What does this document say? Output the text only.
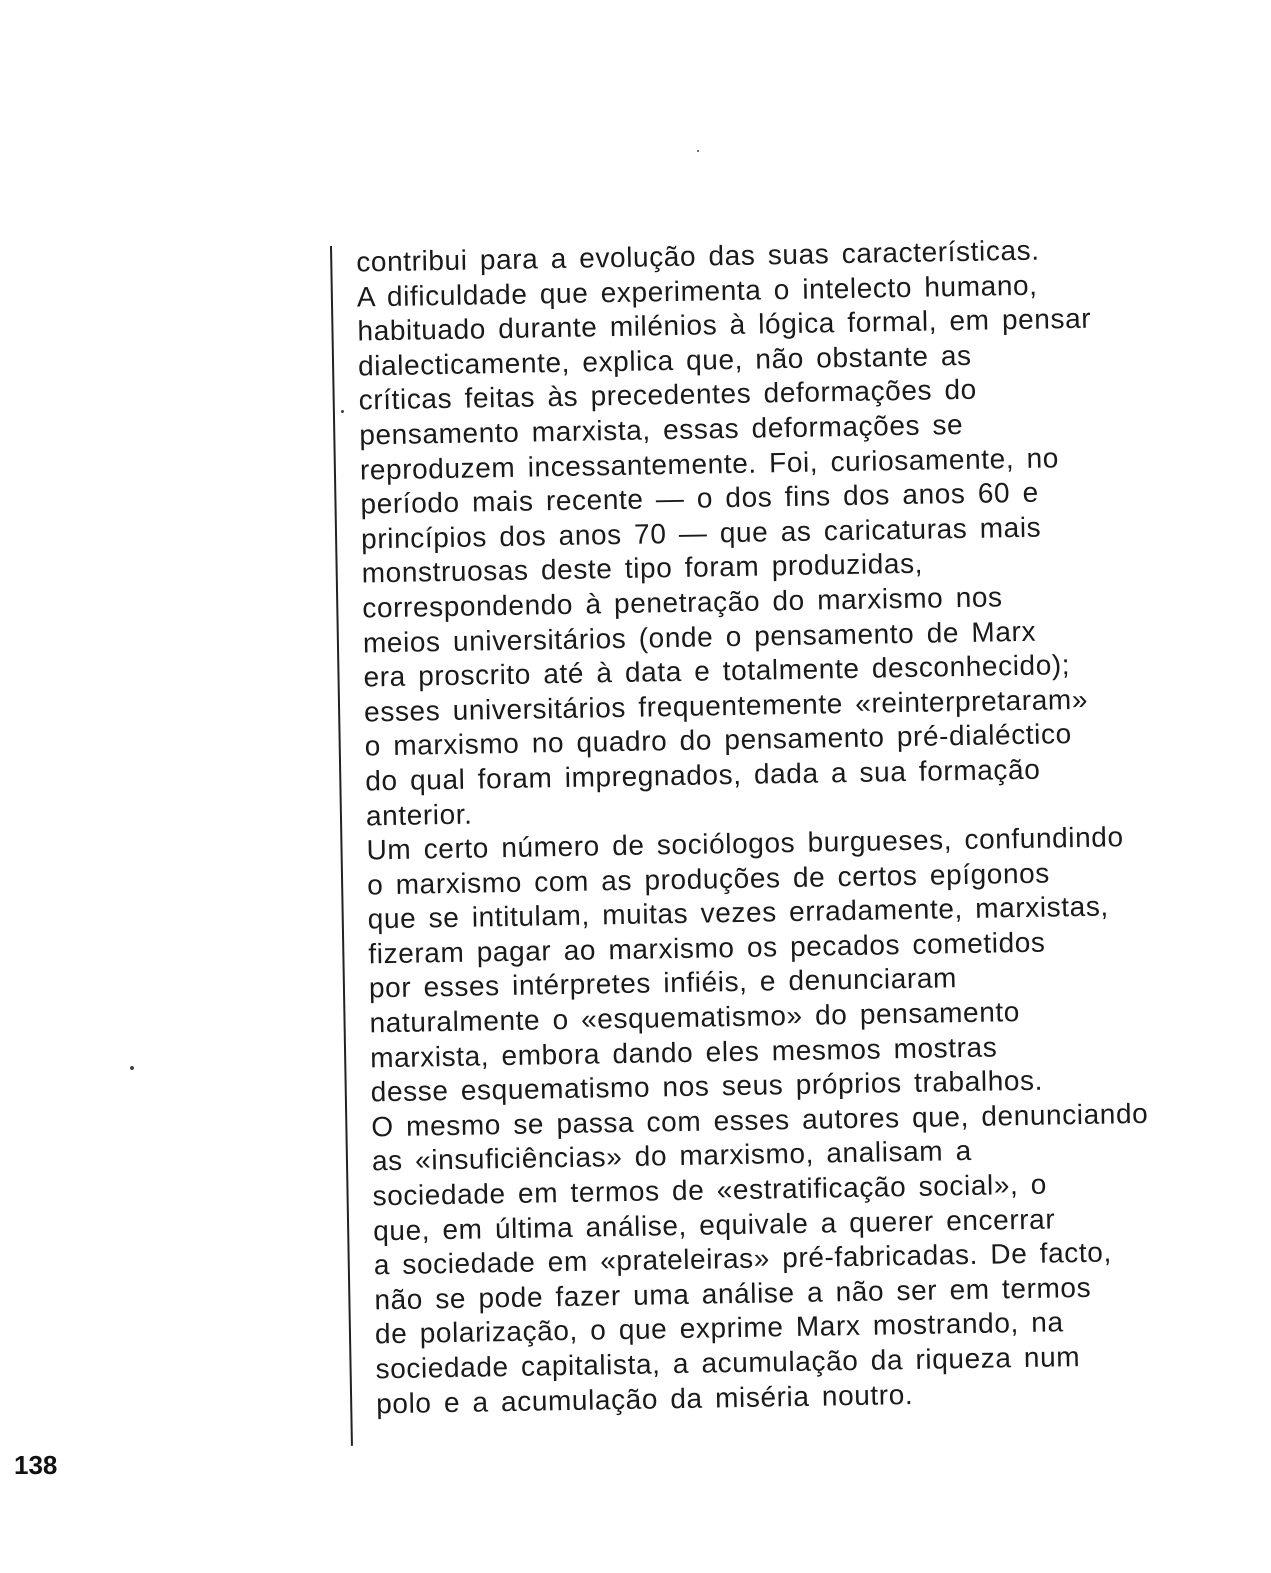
contribui para a evolução das suas características.
A dificuldade que experimenta o intelecto humano,
habituado durante milénios à lógica formal, em pensar
dialecticamente, explica que, não obstante as
críticas feitas às precedentes deformações do
pensamento marxista, essas deformações se
reproduzem incessantemente. Foi, curiosamente, no
período mais recente — o dos fins dos anos 60 e
princípios dos anos 70 — que as caricaturas mais
monstruosas deste tipo foram produzidas,
correspondendo à penetração do marxismo nos
meios universitários (onde o pensamento de Marx
era proscrito até à data e totalmente desconhecido);
esses universitários frequentemente «reinterpretaram»
o marxismo no quadro do pensamento pré-dialéctico
do qual foram impregnados, dada a sua formação
anterior.
Um certo número de sociólogos burgueses, confundindo
o marxismo com as produções de certos epígonos
que se intitulam, muitas vezes erradamente, marxistas,
fizeram pagar ao marxismo os pecados cometidos
por esses intérpretes infiéis, e denunciaram
naturalmente o «esquematismo» do pensamento
marxista, embora dando eles mesmos mostras
desse esquematismo nos seus próprios trabalhos.
O mesmo se passa com esses autores que, denunciando
as «insuficiências» do marxismo, analisam a
sociedade em termos de «estratificação social», o
que, em última análise, equivale a querer encerrar
a sociedade em «prateleiras» pré-fabricadas. De facto,
não se pode fazer uma análise a não ser em termos
de polarização, o que exprime Marx mostrando, na
sociedade capitalista, a acumulação da riqueza num
polo e a acumulação da miséria noutro.
138
